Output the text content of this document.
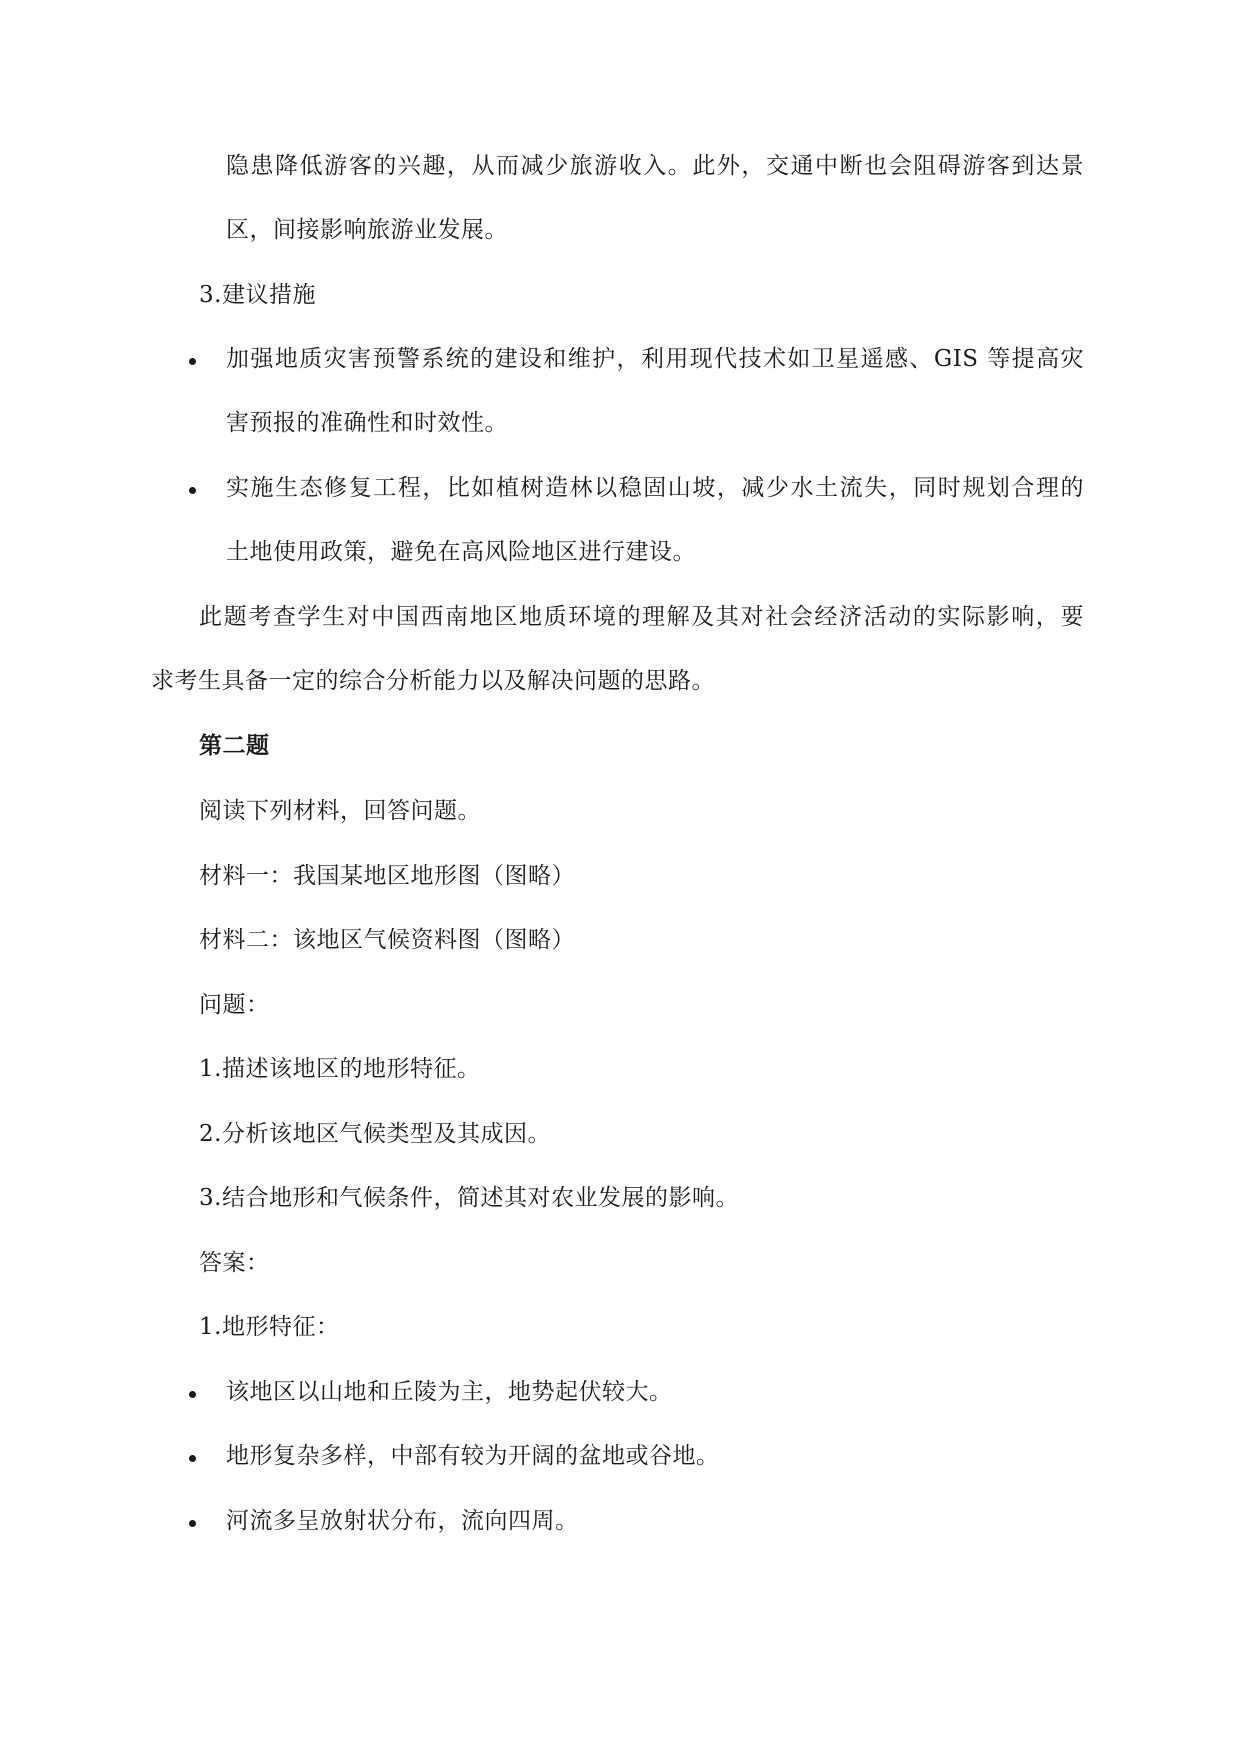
隐患降低游客的兴趣，从而减少旅游收入。此外，交通中断也会阻碍游客到达景
区，间接影响旅游业发展。
3.建议措施
加强地质灾害预警系统的建设和维护，利用现代技术如卫星遥感、GIS 等提高灾
害预报的准确性和时效性。
实施生态修复工程，比如植树造林以稳固山坡，减少水土流失，同时规划合理的
土地使用政策，避免在高风险地区进行建设。
此题考查学生对中国西南地区地质环境的理解及其对社会经济活动的实际影响，要
求考生具备一定的综合分析能力以及解决问题的思路。
第二题
阅读下列材料，回答问题。
材料一：我国某地区地形图（图略）
材料二：该地区气候资料图（图略）
问题：
1.描述该地区的地形特征。
2.分析该地区气候类型及其成因。
3.结合地形和气候条件，简述其对农业发展的影响。
答案：
1.地形特征：
该地区以山地和丘陵为主，地势起伏较大。
地形复杂多样，中部有较为开阔的盆地或谷地。
河流多呈放射状分布，流向四周。
